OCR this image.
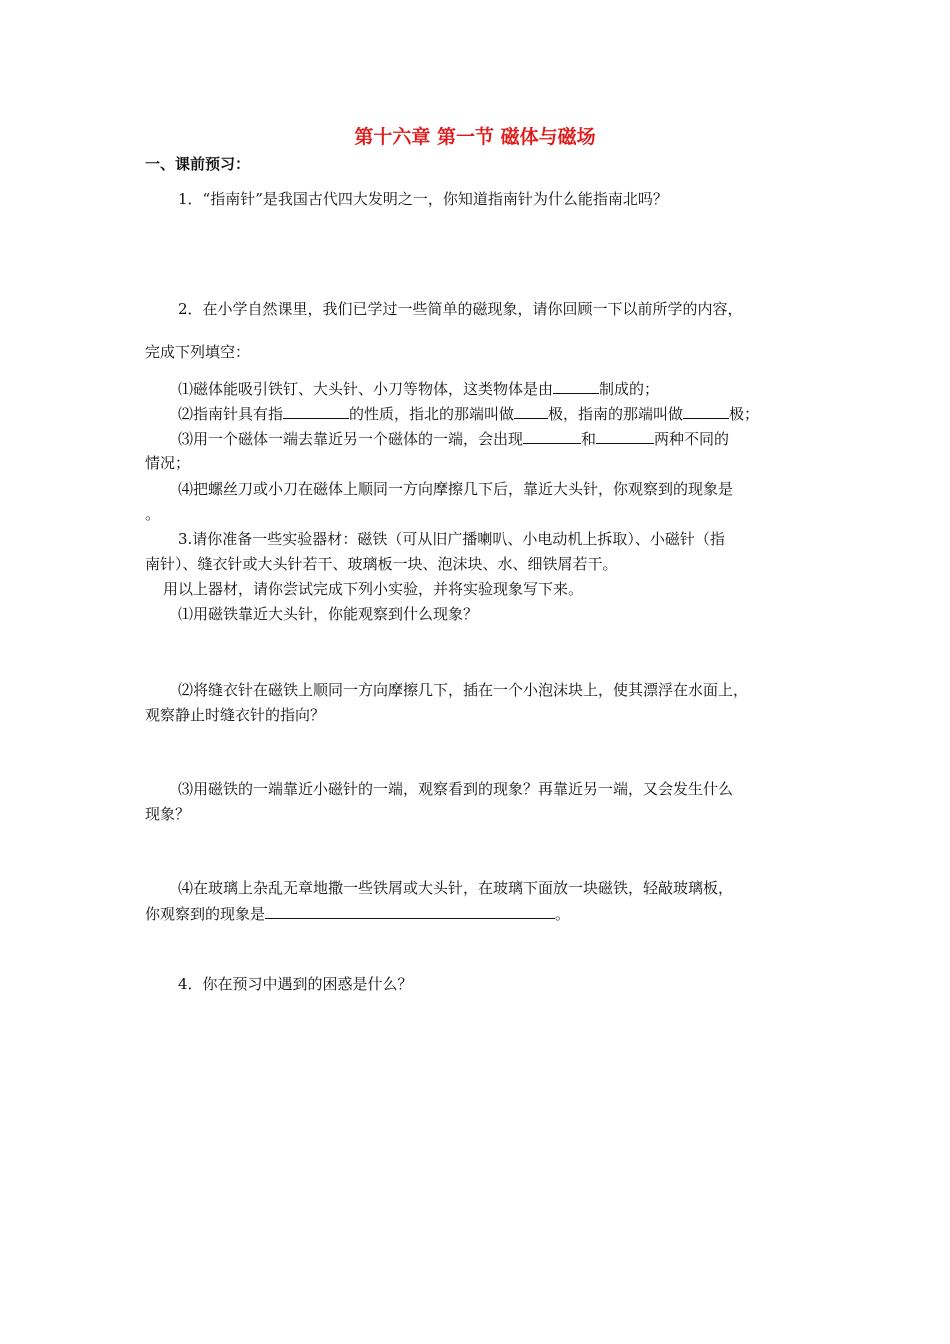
第十六章 第一节 磁体与磁场
一、课前预习：
1．“指南针”是我国古代四大发明之一，你知道指南针为什么能指南北吗？
2．在小学自然课里，我们已学过一些简单的磁现象，请你回顾一下以前所学的内容，
完成下列填空：
⑴磁体能吸引铁钉、大头针、小刀等物体，这类物体是由	制成的；
⑵指南针具有指	的性质，指北的那端叫做 极，指南的那端叫做	极；
⑶用一个磁体一端去靠近另一个磁体的一端，会出现	和	两种不同的
情况；
⑷把螺丝刀或小刀在磁体上顺同一方向摩擦几下后，靠近大头针，你观察到的现象是
。
3.请你准备一些实验器材：磁铁（可从旧广播喇叭、小电动机上拆取）、小磁针（指
南针）、缝衣针或大头针若干、玻璃板一块、泡沫块、水、细铁屑若干。
用以上器材，请你尝试完成下列小实验，并将实验现象写下来。
⑴用磁铁靠近大头针，你能观察到什么现象？
⑵将缝衣针在磁铁上顺同一方向摩擦几下，插在一个小泡沫块上，使其漂浮在水面上，
观察静止时缝衣针的指向？
⑶用磁铁的一端靠近小磁针的一端，观察看到的现象？再靠近另一端，又会发生什么
现象？
⑷在玻璃上杂乱无章地撒一些铁屑或大头针，在玻璃下面放一块磁铁，轻敲玻璃板，
你观察到的现象是	。
4．你在预习中遇到的困惑是什么？
